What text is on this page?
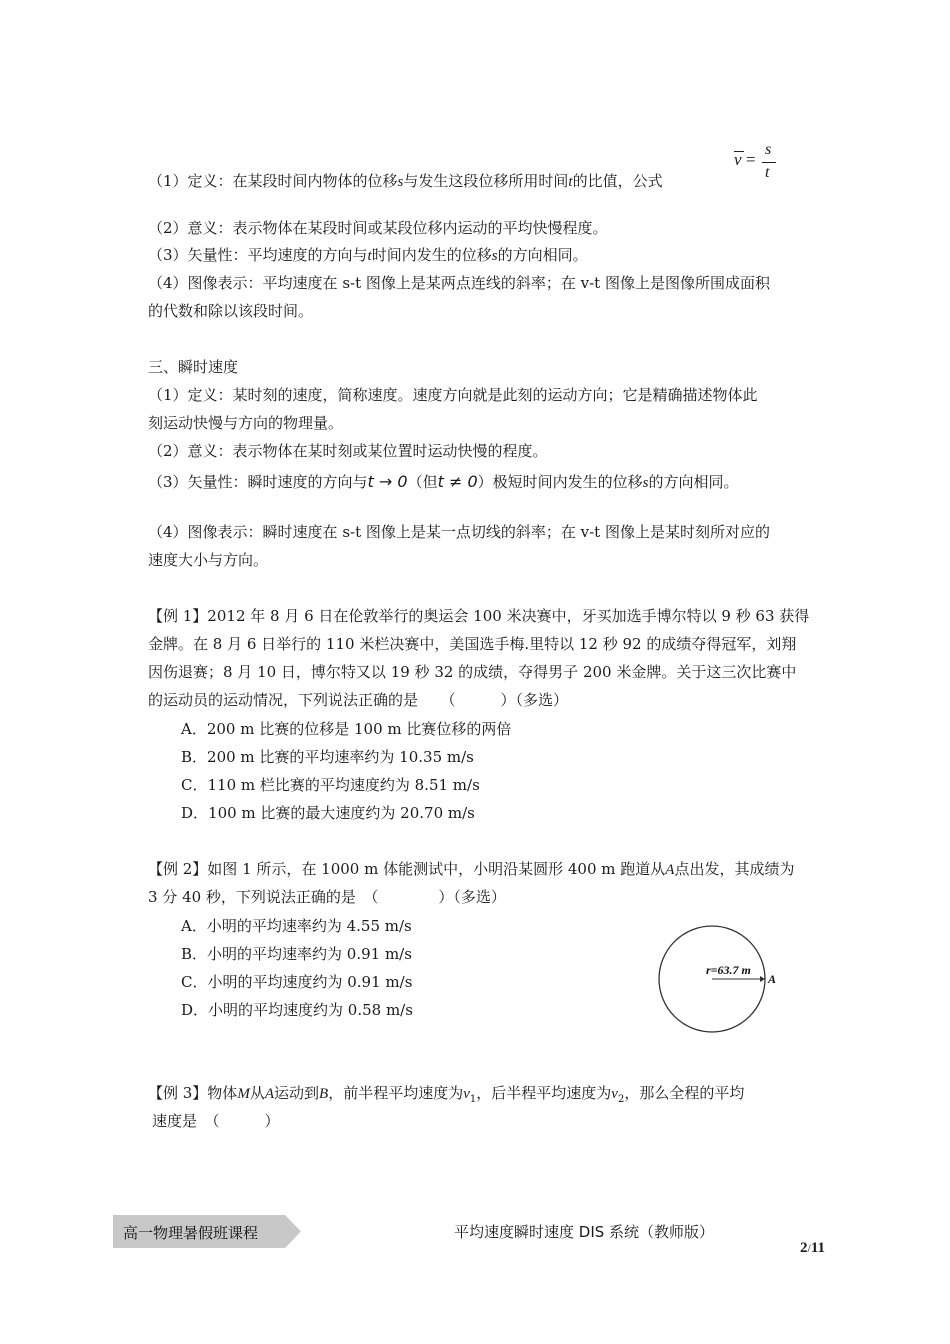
（1）定义：在某段时间内物体的位移s与发生这段位移所用时间t的比值，公式
v =
s
t
（2）意义：表示物体在某段时间或某段位移内运动的平均快慢程度。
（3）矢量性：平均速度的方向与t时间内发生的位移s的方向相同。
（4）图像表示：平均速度在 s-t 图像上是某两点连线的斜率；在 v-t 图像上是图像所围成面积
的代数和除以该段时间。
三、瞬时速度
（1）定义：某时刻的速度，简称速度。速度方向就是此刻的运动方向；它是精确描述物体此
刻运动快慢与方向的物理量。
（2）意义：表示物体在某时刻或某位置时运动快慢的程度。
（3）矢量性：瞬时速度的方向与t → 0（但t ≠ 0）极短时间内发生的位移s的方向相同。
（4）图像表示：瞬时速度在 s-t 图像上是某一点切线的斜率；在 v-t 图像上是某时刻所对应的
速度大小与方向。
【例 1】2012 年 8 月 6 日在伦敦举行的奥运会 100 米决赛中，牙买加选手博尔特以 9 秒 63 获得
金牌。在 8 月 6 日举行的 110 米栏决赛中，美国选手梅.里特以 12 秒 92 的成绩夺得冠军，刘翔
因伤退赛；8 月 10 日，博尔特又以 19 秒 32 的成绩，夺得男子 200 米金牌。关于这三次比赛中
的运动员的运动情况，下列说法正确的是　　（　　　）（多选）
A．200 m 比赛的位移是 100 m 比赛位移的两倍
B．200 m 比赛的平均速率约为 10.35 m/s
C．110 m 栏比赛的平均速度约为 8.51 m/s
D．100 m 比赛的最大速度约为 20.70 m/s
【例 2】如图 1 所示，在 1000 m 体能测试中，小明沿某圆形 400 m 跑道从A点出发，其成绩为
3 分 40 秒，下列说法正确的是　（　　　　）（多选）
A．小明的平均速率约为 4.55 m/s
B．小明的平均速率约为 0.91 m/s
C．小明的平均速度约为 0.91 m/s
D．小明的平均速度约为 0.58 m/s
r=63.7 m
A
【例 3】物体M从A运动到B，前半程平均速度为$v_1$，后半程平均速度为$v_2$，那么全程的平均
速度是　（　　　）
高一物理暑假班课程	平均速度瞬时速度 DIS 系统（教师版）
2/11
